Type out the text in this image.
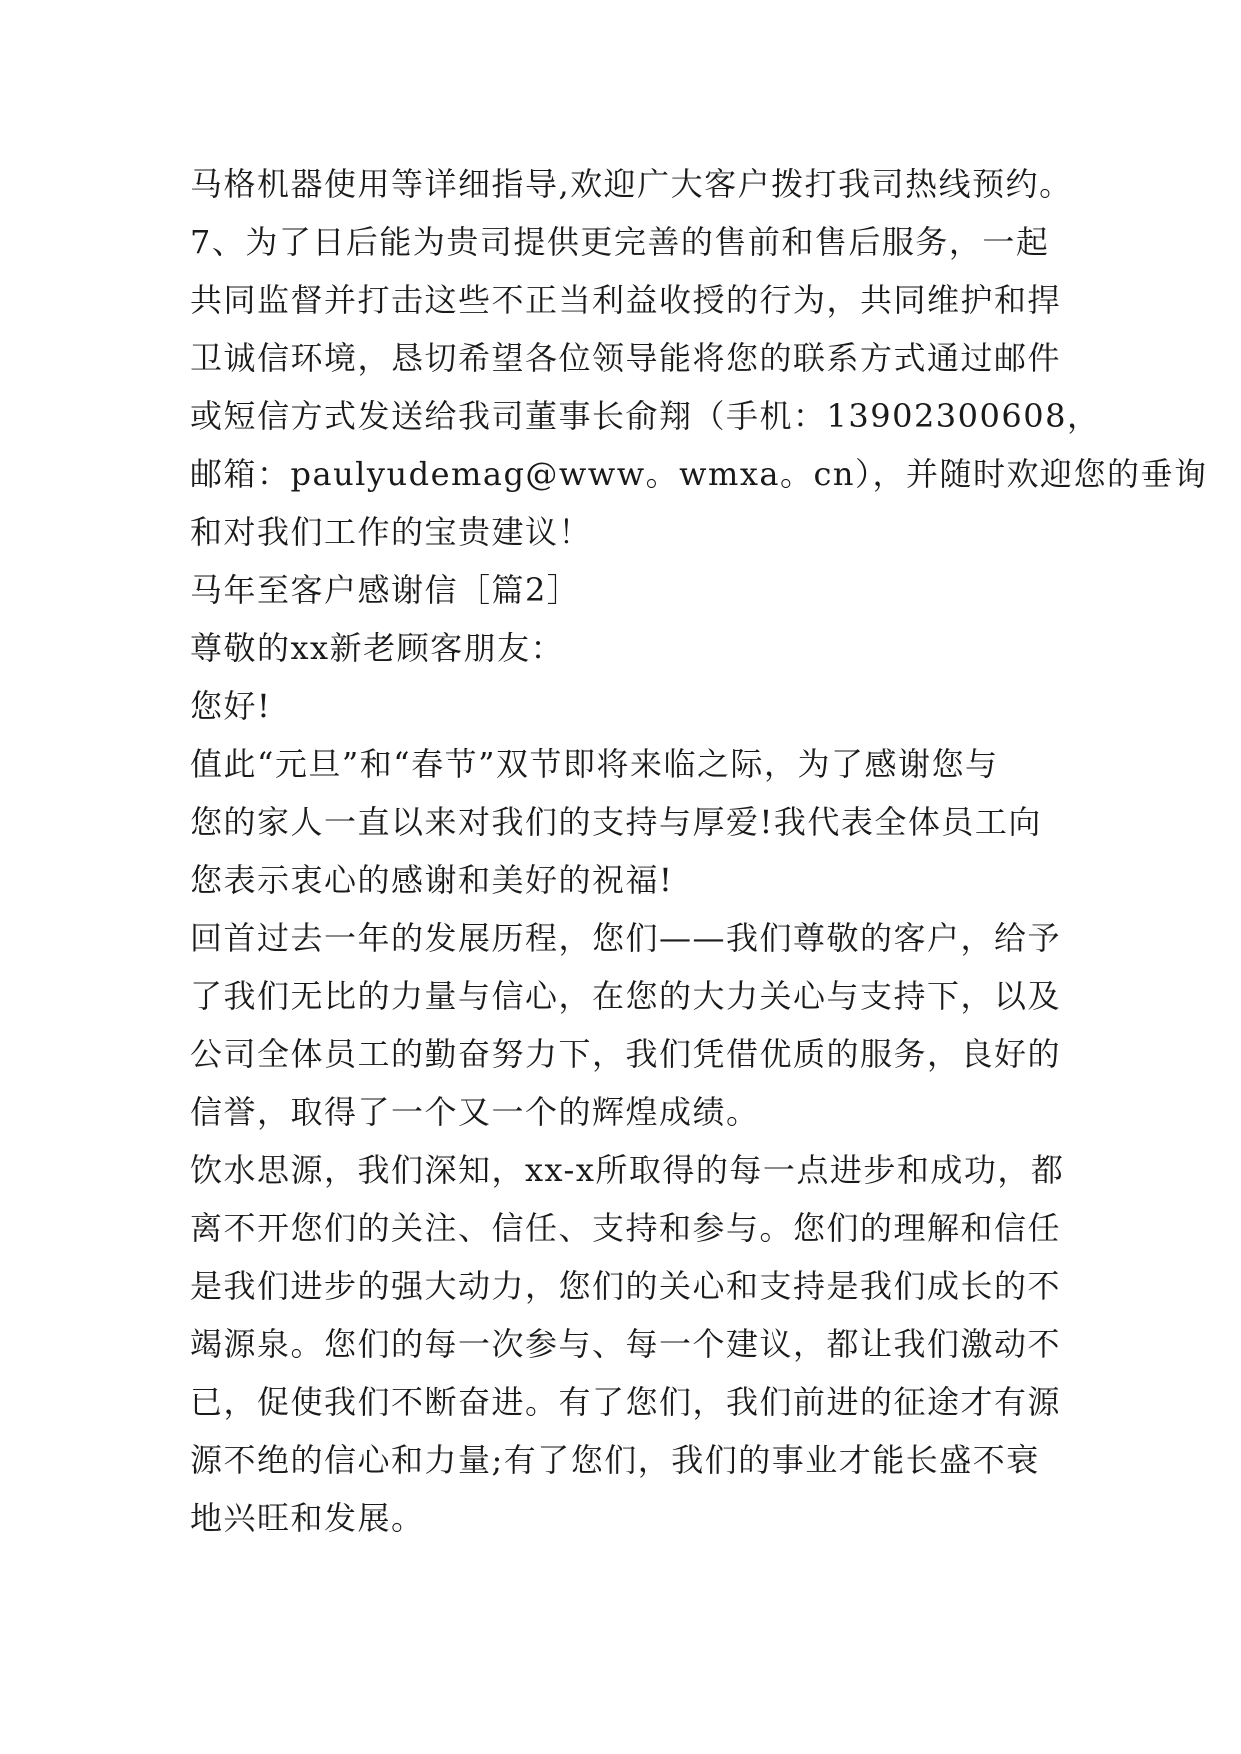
马格机器使用等详细指导,欢迎广大客户拨打我司热线预约。
7、为了日后能为贵司提供更完善的售前和售后服务，一起
共同监督并打击这些不正当利益收授的行为，共同维护和捍
卫诚信环境，恳切希望各位领导能将您的联系方式通过邮件
或短信方式发送给我司董事长俞翔（手机：13902300608，
邮箱：paulyudemag@www。wmxa。cn），并随时欢迎您的垂询
和对我们工作的宝贵建议！
马年至客户感谢信［篇2］
尊敬的xx新老顾客朋友：
您好!
值此“元旦”和“春节”双节即将来临之际，为了感谢您与
您的家人一直以来对我们的支持与厚爱!我代表全体员工向
您表示衷心的感谢和美好的祝福!
回首过去一年的发展历程，您们——我们尊敬的客户，给予
了我们无比的力量与信心，在您的大力关心与支持下，以及
公司全体员工的勤奋努力下，我们凭借优质的服务，良好的
信誉，取得了一个又一个的辉煌成绩。
饮水思源，我们深知，xx-x所取得的每一点进步和成功，都
离不开您们的关注、信任、支持和参与。您们的理解和信任
是我们进步的强大动力，您们的关心和支持是我们成长的不
竭源泉。您们的每一次参与、每一个建议，都让我们激动不
已，促使我们不断奋进。有了您们，我们前进的征途才有源
源不绝的信心和力量;有了您们，我们的事业才能长盛不衰
地兴旺和发展。
